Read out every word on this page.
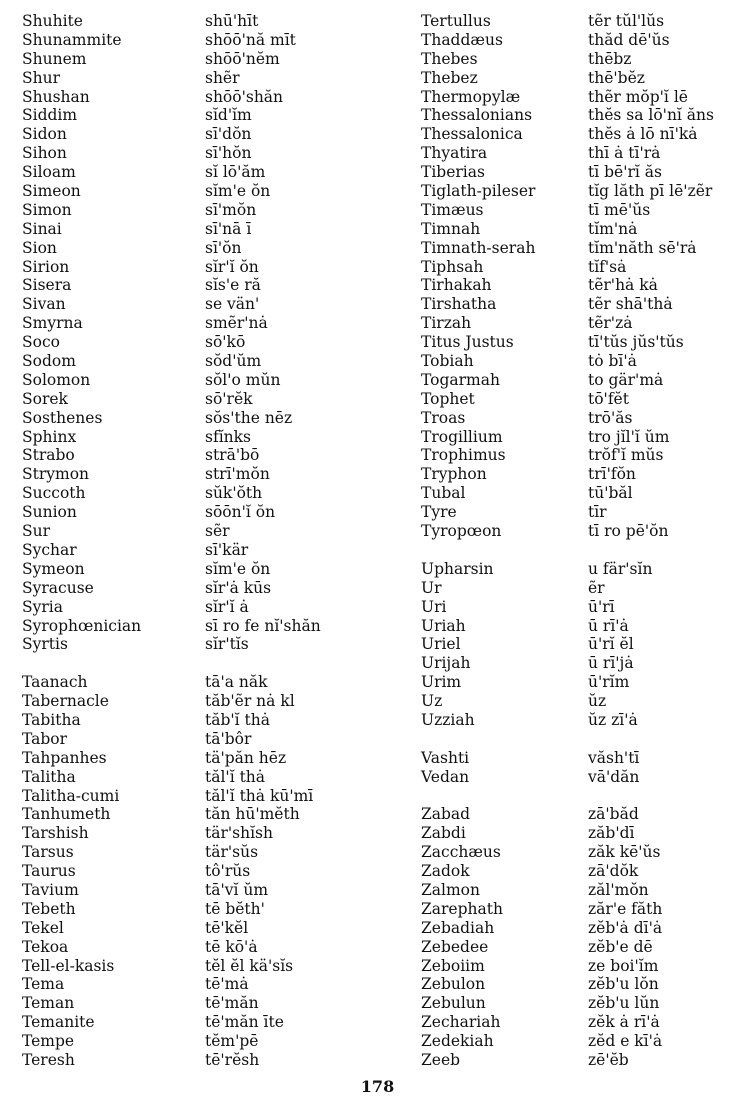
Shuhite	shū'hīt
Shunammite	shōō'nă mīt
Shunem	shōō'nĕm
Shur	shẽr
Shushan	shōō'shăn
Siddim	sĭd'ĭm
Sidon	sī'dŏn
Sihon	sī'hŏn
Siloam	sĭ lō'ăm
Simeon	sĭm'e ŏn
Simon	sī'mŏn
Sinai	sī'nā ī
Sion	sī'ŏn
Sirion	sĭr'ĭ ŏn
Sisera	sĭs'e ră
Sivan	se vän'
Smyrna	smẽr'nȧ
Soco	sō'kō
Sodom	sŏd'ŭm
Solomon	sŏl'o mŭn
Sorek	sō'rĕk
Sosthenes	sŏs'the nēz
Sphinx	sfĭnks
Strabo	strā'bō
Strymon	strī'mŏn
Succoth	sŭk'ŏth
Sunion	sōōn'ĭ ŏn
Sur	sẽr
Sychar	sī'kär
Symeon	sĭm'e ŏn
Syracuse	sĭr'ȧ kūs
Syria	sĭr'ĭ ȧ
Syrophœnician	sī ro fe nĭ'shăn
Syrtis	sĭr'tĭs
Taanach	tā'a năk
Tabernacle	tăb'ẽr nȧ kl
Tabitha	tăb'ĭ thȧ
Tabor	tā'bôr
Tahpanhes	tä'păn hēz
Talitha	tăl'ĭ thȧ
Talitha-cumi	tăl'ĭ thȧ kū'mī
Tanhumeth	tăn hū'mĕth
Tarshish	tär'shĭsh
Tarsus	tär'sŭs
Taurus	tô'rŭs
Tavium	tā'vĭ ŭm
Tebeth	tē bĕth'
Tekel	tē'kĕl
Tekoa	tē kō'ȧ
Tell-el-kasis	tĕl ĕl kä'sĭs
Tema	tē'mȧ
Teman	tē'măn
Temanite	tē'măn īte
Tempe	tĕm'pē
Teresh	tē'rĕsh
Tertullus	tẽr tŭl'lŭs
Thaddæus	thăd dē'ŭs
Thebes	thēbz
Thebez	thē'bĕz
Thermopylæ	thẽr mŏp'ĭ lē
Thessalonians	thĕs sa lō'nĭ ăns
Thessalonica	thĕs ȧ lō nī'kȧ
Thyatira	thī ȧ tī'rȧ
Tiberias	tī bē'rĭ ăs
Tiglath-pileser	tĭg lăth pī lē'zẽr
Timæus	tī mē'ŭs
Timnah	tĭm'nȧ
Timnath-serah	tĭm'năth sē'rȧ
Tiphsah	tĭf'sȧ
Tirhakah	tẽr'hȧ kȧ
Tirshatha	tẽr shā'thȧ
Tirzah	tẽr'zȧ
Titus Justus	tī'tŭs jŭs'tŭs
Tobiah	tȯ bī'ȧ
Togarmah	to gär'mȧ
Tophet	tō'fĕt
Troas	trō'ăs
Trogillium	tro jĭl'ĭ ŭm
Trophimus	trŏf'ĭ mŭs
Tryphon	trī'fŏn
Tubal	tū'băl
Tyre	tīr
Tyropœon	tī ro pē'ŏn
Upharsin	u fär'sĭn
Ur	ẽr
Uri	ū'rī
Uriah	ū rī'ȧ
Uriel	ū'rĭ ĕl
Urijah	ū rī'jȧ
Urim	ū'rĭm
Uz	ŭz
Uzziah	ŭz zī'ȧ
Vashti	văsh'tī
Vedan	vā'dăn
Zabad	zā'băd
Zabdi	zăb'dī
Zacchæus	zăk kē'ŭs
Zadok	zā'dŏk
Zalmon	zăl'mŏn
Zarephath	zăr'e făth
Zebadiah	zĕb'ȧ dī'ȧ
Zebedee	zĕb'e dē
Zeboiim	ze boi'ĭm
Zebulon	zĕb'u lŏn
Zebulun	zĕb'u lŭn
Zechariah	zĕk ȧ rī'ȧ
Zedekiah	zĕd e kī'ȧ
Zeeb	zē'ĕb
178
